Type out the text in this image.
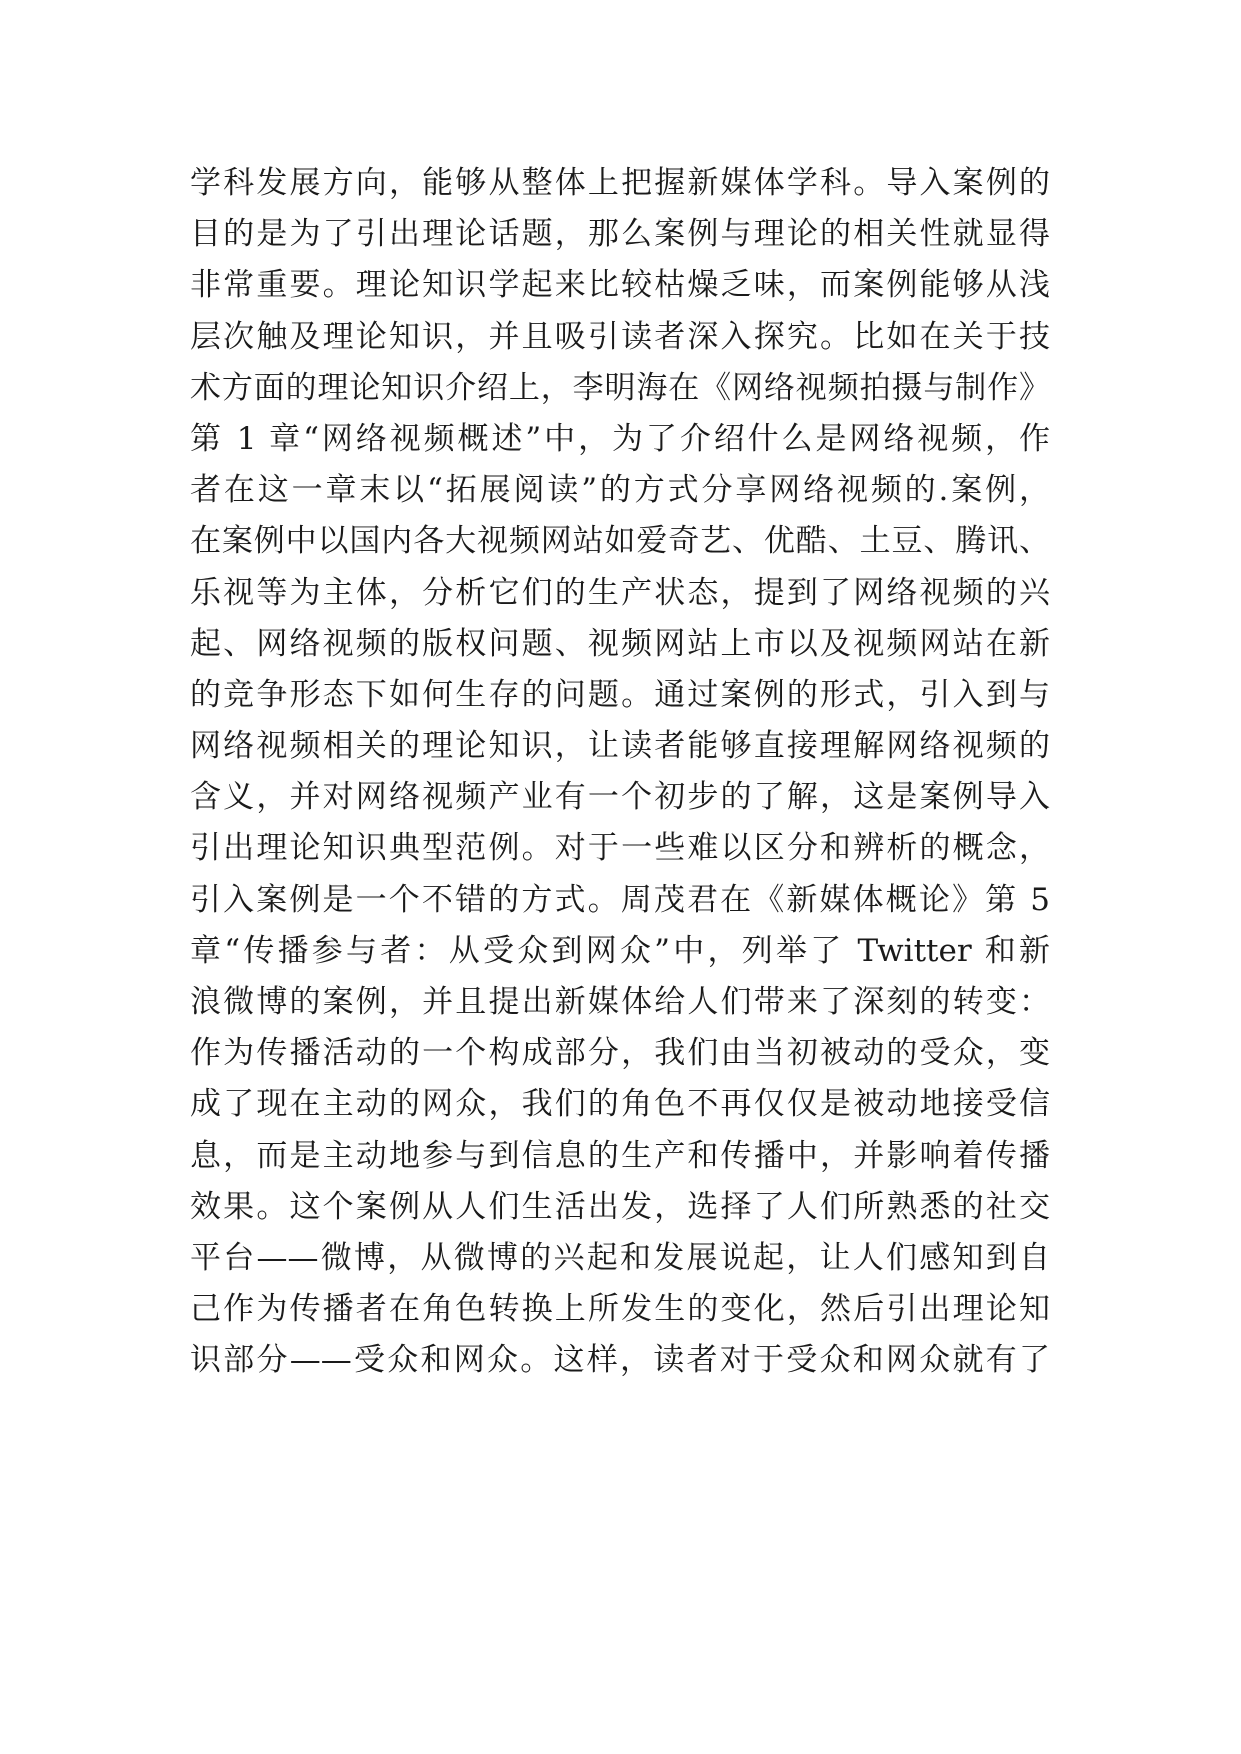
学科发展方向，能够从整体上把握新媒体学科。导入案例的
目的是为了引出理论话题，那么案例与理论的相关性就显得
非常重要。理论知识学起来比较枯燥乏味，而案例能够从浅
层次触及理论知识，并且吸引读者深入探究。比如在关于技
术方面的理论知识介绍上，李明海在《网络视频拍摄与制作》
第 1 章“网络视频概述”中，为了介绍什么是网络视频，作
者在这一章末以“拓展阅读”的方式分享网络视频的.案例，
在案例中以国内各大视频网站如爱奇艺、优酷、土豆、腾讯、
乐视等为主体，分析它们的生产状态，提到了网络视频的兴
起、网络视频的版权问题、视频网站上市以及视频网站在新
的竞争形态下如何生存的问题。通过案例的形式，引入到与
网络视频相关的理论知识，让读者能够直接理解网络视频的
含义，并对网络视频产业有一个初步的了解，这是案例导入
引出理论知识典型范例。对于一些难以区分和辨析的概念，
引入案例是一个不错的方式。周茂君在《新媒体概论》第 5
章“传播参与者：从受众到网众”中，列举了 Twitter 和新
浪微博的案例，并且提出新媒体给人们带来了深刻的转变：
作为传播活动的一个构成部分，我们由当初被动的受众，变
成了现在主动的网众，我们的角色不再仅仅是被动地接受信
息，而是主动地参与到信息的生产和传播中，并影响着传播
效果。这个案例从人们生活出发，选择了人们所熟悉的社交
平台——微博，从微博的兴起和发展说起，让人们感知到自
己作为传播者在角色转换上所发生的变化，然后引出理论知
识部分——受众和网众。这样，读者对于受众和网众就有了
